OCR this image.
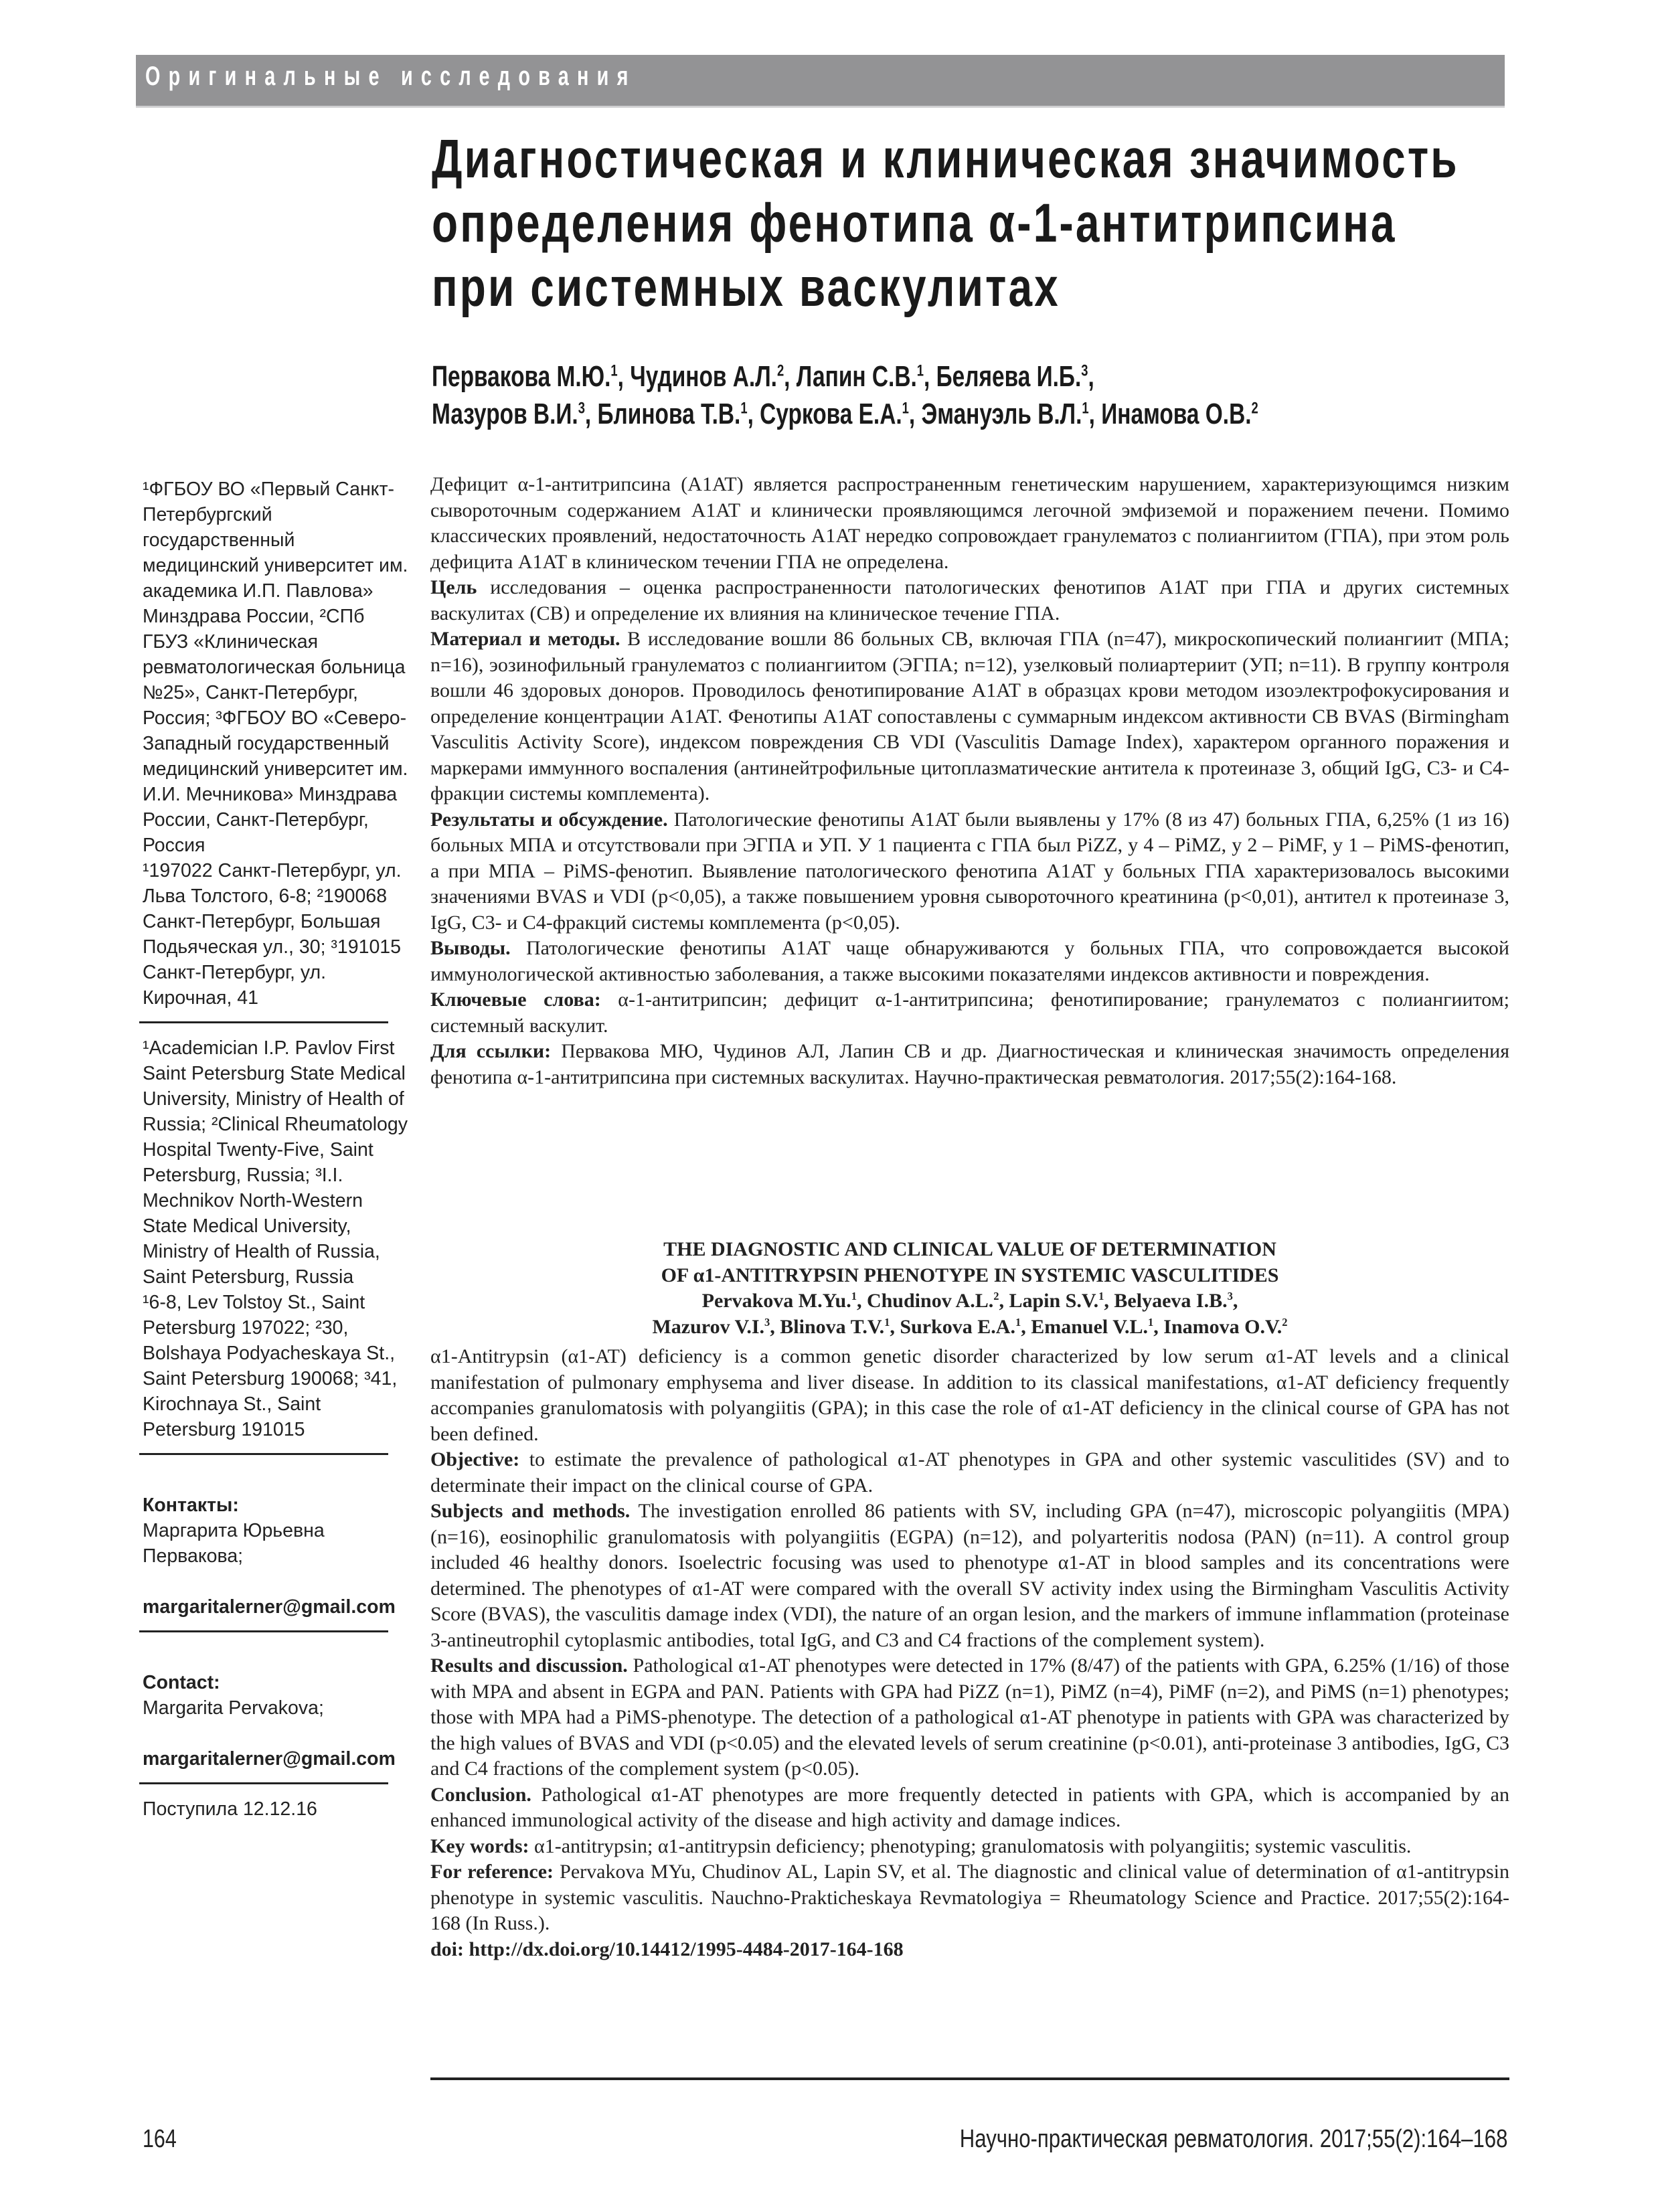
Оригинальные исследования
Диагностическая и клиническая значимость
определения фенотипа α-1-антитрипсина
при системных васкулитах
Первакова М.Ю.$^1$, Чудинов А.Л.$^2$, Лапин С.В.$^1$, Беляева И.Б.$^3$,
Мазуров В.И.$^3$, Блинова Т.В.$^1$, Суркова Е.А.$^1$, Эмануэль В.Л.$^1$, Инамова О.В.$^2$
¹ФГБОУ ВО «Первый Санкт-Петербургский государственный медицинский университет им. академика И.П. Павлова» Минздрава России, ²СПб ГБУЗ «Клиническая ревматологическая больница №25», Санкт-Петербург, Россия; ³ФГБОУ ВО «Северо-Западный государственный медицинский университет им. И.И. Мечникова» Минздрава России, Санкт-Петербург, Россия
¹197022 Санкт-Петербург, ул. Льва Толстого, 6-8; ²190068 Санкт-Петербург, Большая Подьяческая ул., 30; ³191015 Санкт-Петербург, ул. Кирочная, 41
¹Academician I.P. Pavlov First Saint Petersburg State Medical University, Ministry of Health of Russia; ²Clinical Rheumatology Hospital Twenty-Five, Saint Petersburg, Russia; ³I.I. Mechnikov North-Western State Medical University, Ministry of Health of Russia, Saint Petersburg, Russia
¹6-8, Lev Tolstoy St., Saint Petersburg 197022; ²30, Bolshaya Podyacheskaya St., Saint Petersburg 190068; ³41, Kirochnaya St., Saint Petersburg 191015

Контакты:
Маргарита Юрьевна Первакова;

margaritalerner@gmail.com

Contact:
Margarita Pervakova;

margaritalerner@gmail.com

Поступила 12.12.16

Дефицит α-1-антитрипсина (A1AT) является распространенным генетическим нарушением, характеризующимся низким сывороточным содержанием A1AT и клинически проявляющимся легочной эмфиземой и поражением печени. Помимо классических проявлений, недостаточность A1AT нередко сопровождает гранулематоз с полиангиитом (ГПА), при этом роль дефицита A1AT в клиническом течении ГПА не определена.

Цель исследования – оценка распространенности патологических фенотипов A1AT при ГПА и других системных васкулитах (СВ) и определение их влияния на клиническое течение ГПА.

Материал и методы. В исследование вошли 86 больных СВ, включая ГПА (n=47), микроскопический полиангиит (МПА; n=16), эозинофильный гранулематоз с полиангиитом (ЭГПА; n=12), узелковый полиартериит (УП; n=11). В группу контроля вошли 46 здоровых доноров. Проводилось фенотипирование A1AT в образцах крови методом изоэлектрофокусирования и определение концентрации A1AT. Фенотипы A1AT сопоставлены с суммарным индексом активности СВ BVAS (Birmingham Vasculitis Activity Score), индексом повреждения СВ VDI (Vasculitis Damage Index), характером органного поражения и маркерами иммунного воспаления (антинейтрофильные цитоплазматические антитела к протеиназе 3, общий IgG, С3- и С4-фракции системы комплемента).

Результаты и обсуждение. Патологические фенотипы A1AT были выявлены у 17% (8 из 47) больных ГПА, 6,25% (1 из 16) больных МПА и отсутствовали при ЭГПА и УП. У 1 пациента с ГПА был PiZZ, у 4 – PiMZ, у 2 – PiMF, у 1 – PiMS-фенотип, а при МПА – PiMS-фенотип. Выявление патологического фенотипа A1AT у больных ГПА характеризовалось высокими значениями BVAS и VDI (p<0,05), а также повышением уровня сывороточного креатинина (p<0,01), антител к протеиназе 3, IgG, С3- и С4-фракций системы комплемента (p<0,05).

Выводы. Патологические фенотипы A1AT чаще обнаруживаются у больных ГПА, что сопровождается высокой иммунологической активностью заболевания, а также высокими показателями индексов активности и повреждения.

Ключевые слова: α-1-антитрипсин; дефицит α-1-антитрипсина; фенотипирование; гранулематоз с полиангиитом; системный васкулит.

Для ссылки: Первакова МЮ, Чудинов АЛ, Лапин СВ и др. Диагностическая и клиническая значимость определения фенотипа α-1-антитрипсина при системных васкулитах. Научно-практическая ревматология. 2017;55(2):164-168.

THE DIAGNOSTIC AND CLINICAL VALUE OF DETERMINATION
OF α1-ANTITRYPSIN PHENOTYPE IN SYSTEMIC VASCULITIDES
Pervakova M.Yu.$^1$, Chudinov A.L.$^2$, Lapin S.V.$^1$, Belyaeva I.B.$^3$,
Mazurov V.I.$^3$, Blinova T.V.$^1$, Surkova E.A.$^1$, Emanuel V.L.$^1$, Inamova O.V.$^2$

α1-Antitrypsin (α1-AT) deficiency is a common genetic disorder characterized by low serum α1-AT levels and a clinical manifestation of pulmonary emphysema and liver disease. In addition to its classical manifestations, α1-AT deficiency frequently accompanies granulomatosis with polyangiitis (GPA); in this case the role of α1-AT deficiency in the clinical course of GPA has not been defined.

Objective: to estimate the prevalence of pathological α1-AT phenotypes in GPA and other systemic vasculitides (SV) and to determinate their impact on the clinical course of GPA.

Subjects and methods. The investigation enrolled 86 patients with SV, including GPA (n=47), microscopic polyangiitis (MPA) (n=16), eosinophilic granulomatosis with polyangiitis (EGPA) (n=12), and polyarteritis nodosa (PAN) (n=11). A control group included 46 healthy donors. Isoelectric focusing was used to phenotype α1-AT in blood samples and its concentrations were determined. The phenotypes of α1-AT were compared with the overall SV activity index using the Birmingham Vasculitis Activity Score (BVAS), the vasculitis damage index (VDI), the nature of an organ lesion, and the markers of immune inflammation (proteinase 3-antineutrophil cytoplasmic antibodies, total IgG, and C3 and C4 fractions of the complement system).

Results and discussion. Pathological α1-AT phenotypes were detected in 17% (8/47) of the patients with GPA, 6.25% (1/16) of those with MPA and absent in EGPA and PAN. Patients with GPA had PiZZ (n=1), PiMZ (n=4), PiMF (n=2), and PiMS (n=1) phenotypes; those with MPA had a PiMS-phenotype. The detection of a pathological α1-AT phenotype in patients with GPA was characterized by the high values of BVAS and VDI (p<0.05) and the elevated levels of serum creatinine (p<0.01), anti-proteinase 3 antibodies, IgG, C3 and C4 fractions of the complement system (p<0.05).

Conclusion. Pathological α1-AT phenotypes are more frequently detected in patients with GPA, which is accompanied by an enhanced immunological activity of the disease and high activity and damage indices.

Key words: α1-antitrypsin; α1-antitrypsin deficiency; phenotyping; granulomatosis with polyangiitis; systemic vasculitis.

For reference: Pervakova MYu, Chudinov AL, Lapin SV, et al. The diagnostic and clinical value of determination of α1-antitrypsin phenotype in systemic vasculitis. Nauchno-Prakticheskaya Revmatologiya = Rheumatology Science and Practice. 2017;55(2):164-168 (In Russ.).

doi: http://dx.doi.org/10.14412/1995-4484-2017-164-168

164	Научно-практическая ревматология. 2017;55(2):164–168
